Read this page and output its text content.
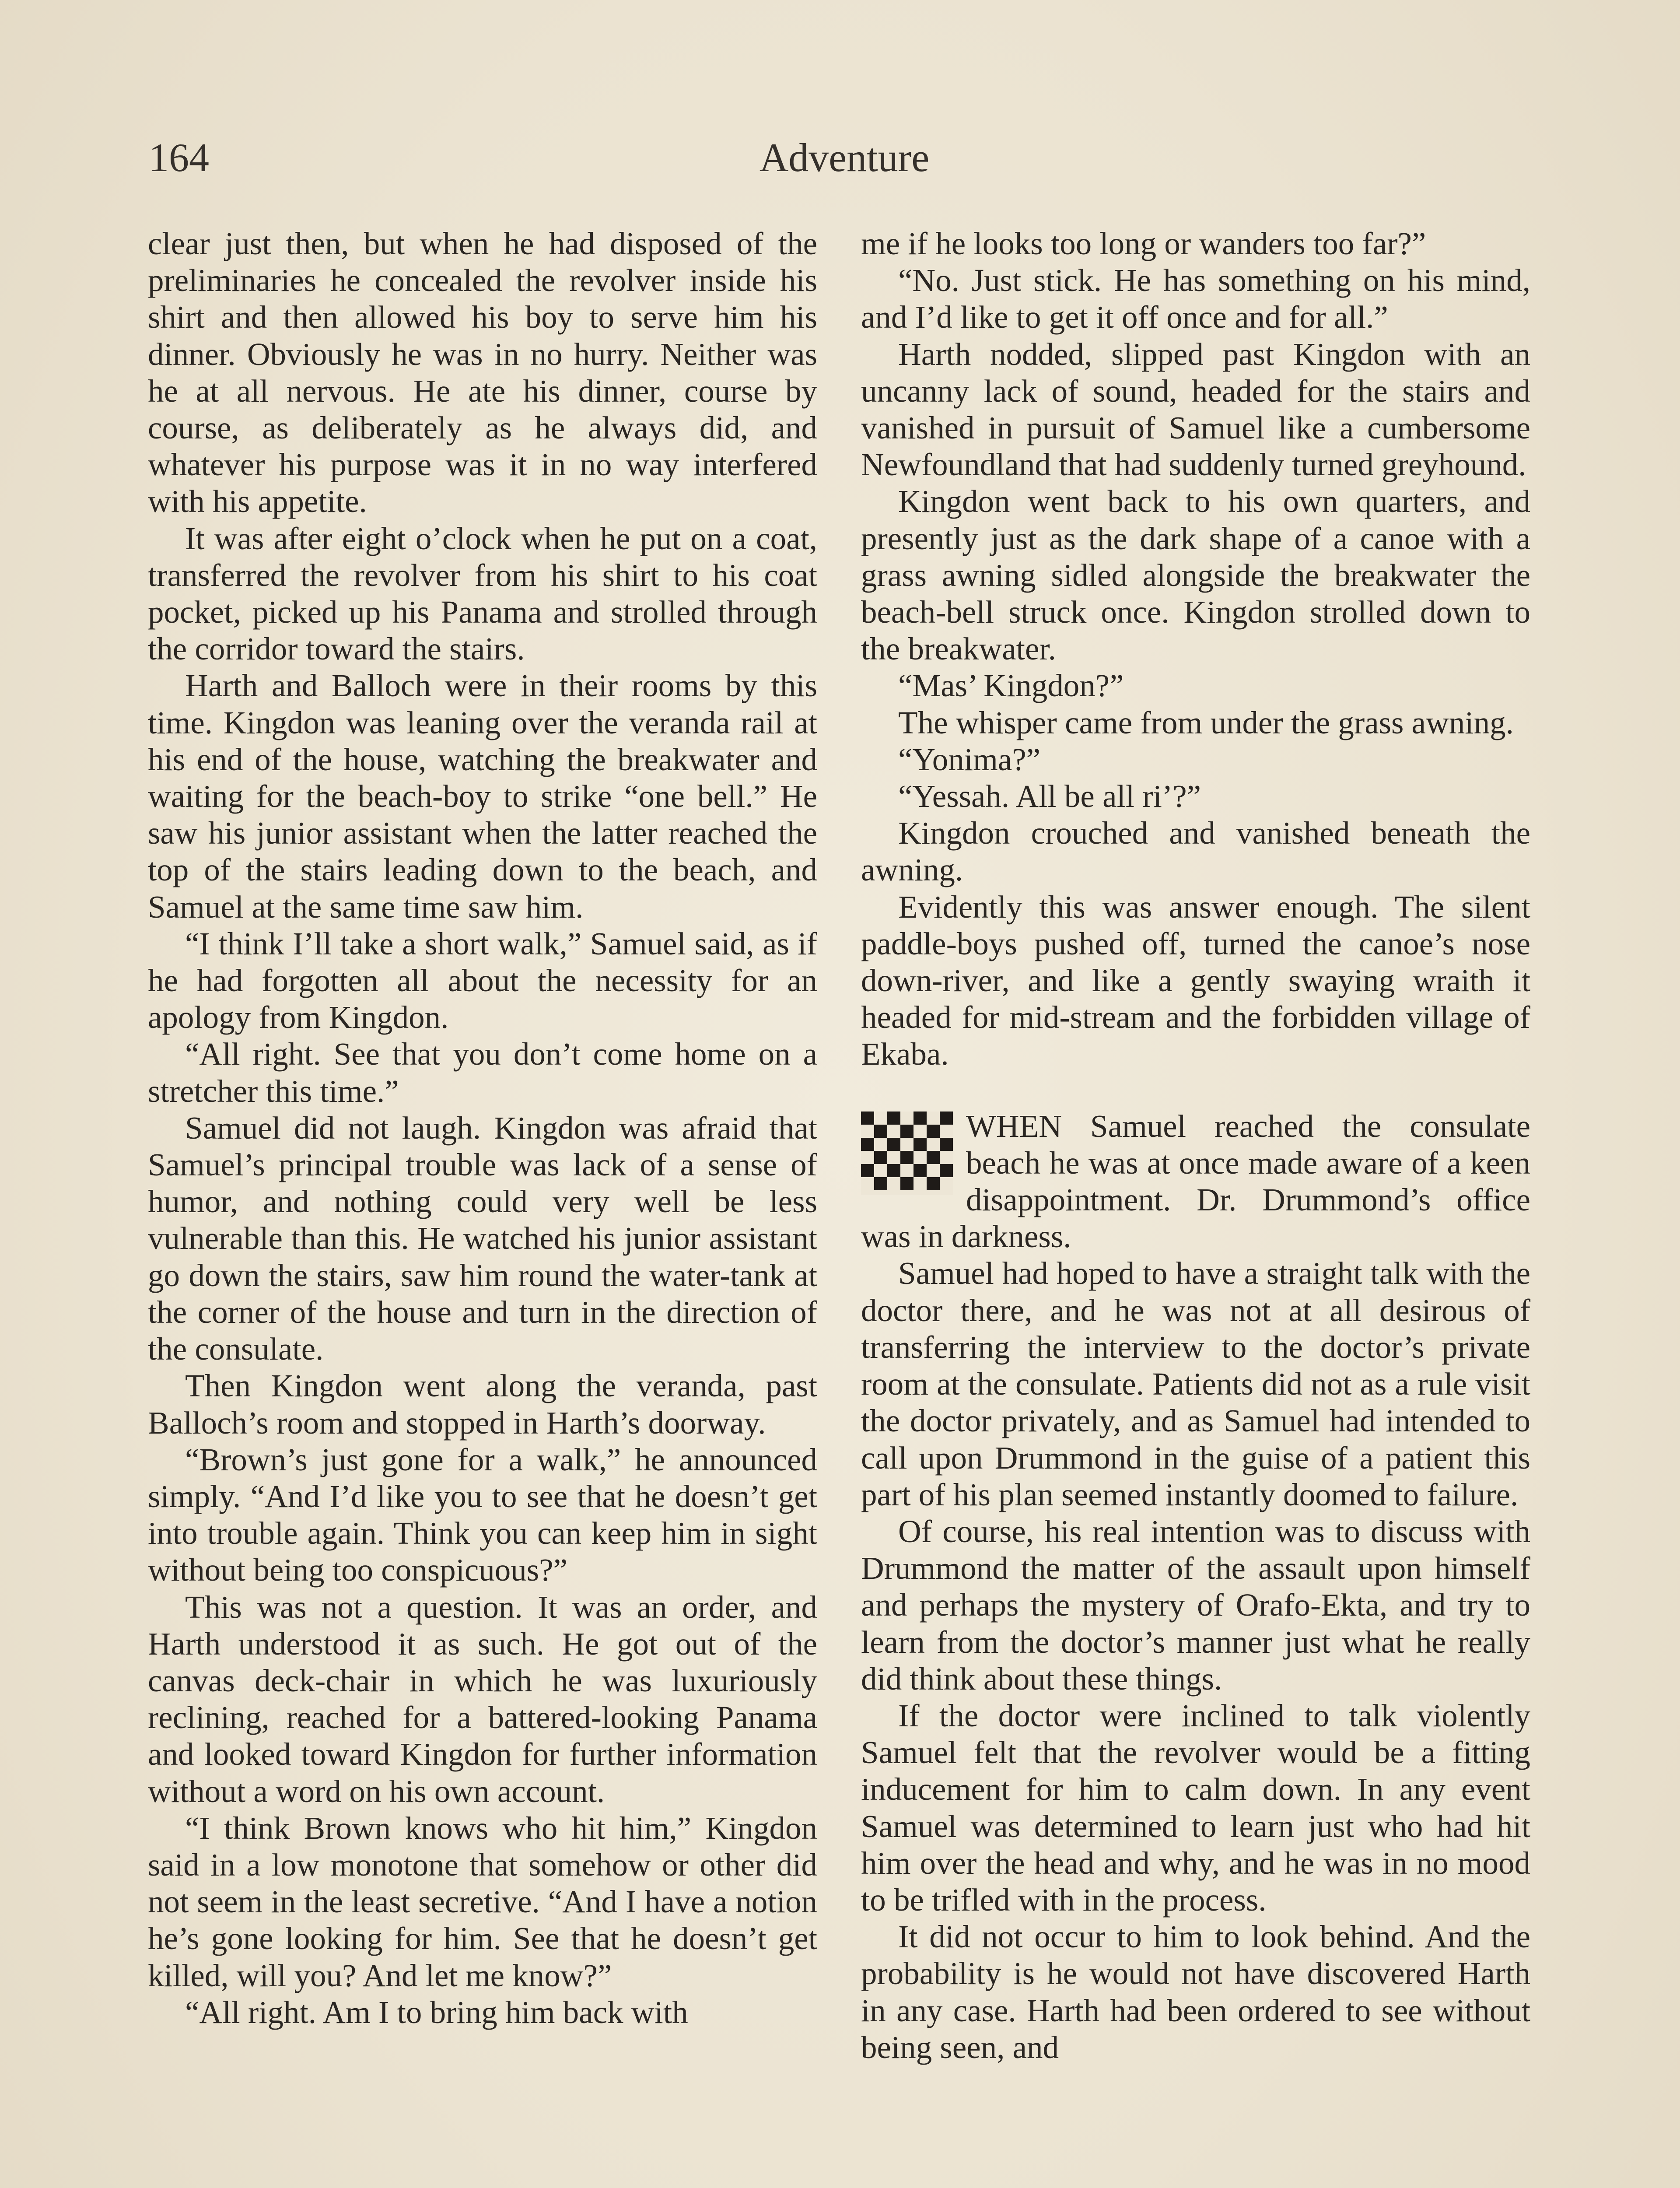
164	Adventure

clear just then, but when he had disposed of the preliminaries he concealed the revolver inside his shirt and then allowed his boy to serve him his dinner. Obviously he was in no hurry. Neither was he at all nervous. He ate his dinner, course by course, as deliberately as he always did, and whatever his purpose was it in no way interfered with his appetite.

It was after eight o’clock when he put on a coat, transferred the revolver from his shirt to his coat pocket, picked up his Panama and strolled through the corridor toward the stairs.

Harth and Balloch were in their rooms by this time. Kingdon was leaning over the veranda rail at his end of the house, watching the breakwater and waiting for the beach-boy to strike “one bell.” He saw his junior assistant when the latter reached the top of the stairs leading down to the beach, and Samuel at the same time saw him.

“I think I’ll take a short walk,” Samuel said, as if he had forgotten all about the necessity for an apology from Kingdon.

“All right. See that you don’t come home on a stretcher this time.”

Samuel did not laugh. Kingdon was afraid that Samuel’s principal trouble was lack of a sense of humor, and nothing could very well be less vulnerable than this. He watched his junior assistant go down the stairs, saw him round the water-tank at the corner of the house and turn in the direction of the consulate.

Then Kingdon went along the veranda, past Balloch’s room and stopped in Harth’s doorway.

“Brown’s just gone for a walk,” he announced simply. “And I’d like you to see that he doesn’t get into trouble again. Think you can keep him in sight without being too conspicuous?”

This was not a question. It was an order, and Harth understood it as such. He got out of the canvas deck-chair in which he was luxuriously reclining, reached for a battered-looking Panama and looked toward Kingdon for further information without a word on his own account.

“I think Brown knows who hit him,” Kingdon said in a low monotone that somehow or other did not seem in the least secretive. “And I have a notion he’s gone looking for him. See that he doesn’t get killed, will you? And let me know?”

“All right. Am I to bring him back with

me if he looks too long or wanders too far?”

“No. Just stick. He has something on his mind, and I’d like to get it off once and for all.”

Harth nodded, slipped past Kingdon with an uncanny lack of sound, headed for the stairs and vanished in pursuit of Samuel like a cumbersome Newfoundland that had suddenly turned greyhound.

Kingdon went back to his own quarters, and presently just as the dark shape of a canoe with a grass awning sidled alongside the breakwater the beach-bell struck once. Kingdon strolled down to the breakwater.

“Mas’ Kingdon?”

The whisper came from under the grass awning.

“Yonima?”

“Yessah. All be all ri’?”

Kingdon crouched and vanished beneath the awning.

Evidently this was answer enough. The silent paddle-boys pushed off, turned the canoe’s nose down-river, and like a gently swaying wraith it headed for mid-stream and the forbidden village of Ekaba.

WHEN Samuel reached the consulate beach he was at once made aware of a keen disappointment. Dr. Drummond’s office was in darkness.

Samuel had hoped to have a straight talk with the doctor there, and he was not at all desirous of transferring the interview to the doctor’s private room at the consulate. Patients did not as a rule visit the doctor privately, and as Samuel had intended to call upon Drummond in the guise of a patient this part of his plan seemed instantly doomed to failure.

Of course, his real intention was to discuss with Drummond the matter of the assault upon himself and perhaps the mystery of Orafo-Ekta, and try to learn from the doctor’s manner just what he really did think about these things.

If the doctor were inclined to talk violently Samuel felt that the revolver would be a fitting inducement for him to calm down. In any event Samuel was determined to learn just who had hit him over the head and why, and he was in no mood to be trifled with in the process.

It did not occur to him to look behind. And the probability is he would not have discovered Harth in any case. Harth had been ordered to see without being seen, and
